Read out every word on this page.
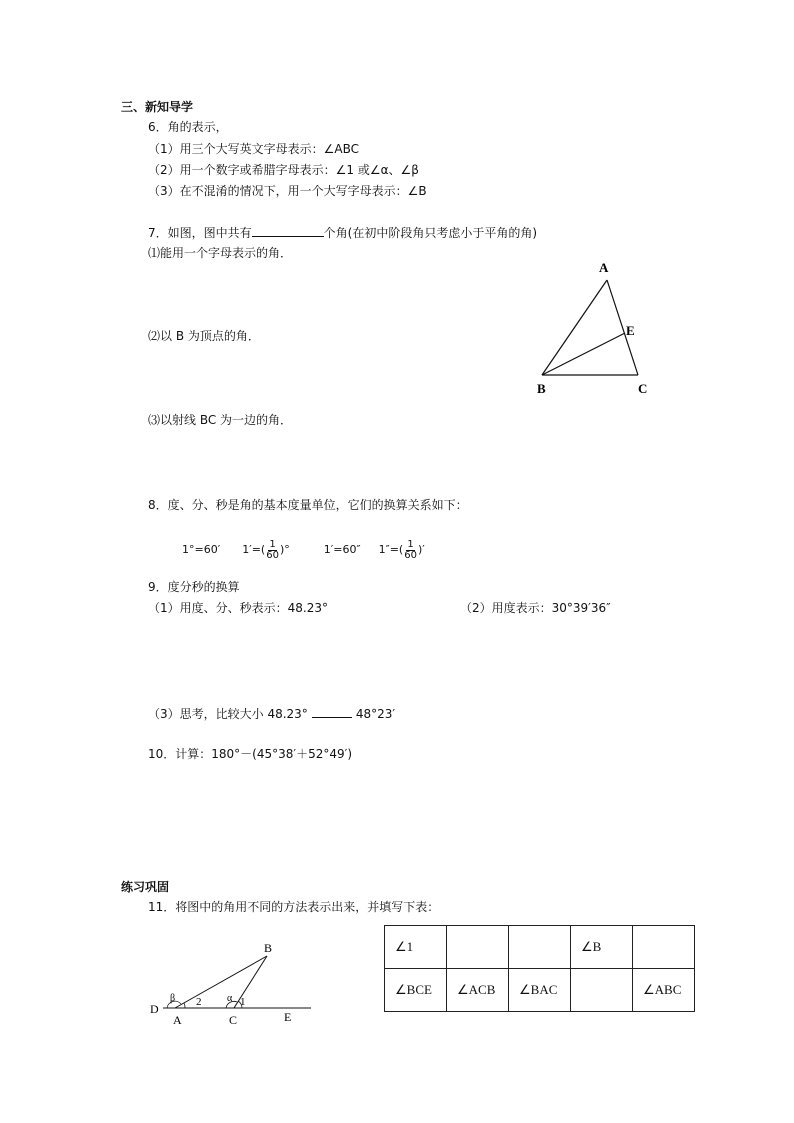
三、新知导学
6．角的表示，
（1）用三个大写英文字母表示：∠ABC
（2）用一个数字或希腊字母表示：∠1 或∠α、∠β
（3）在不混淆的情况下，用一个大写字母表示：∠B
7．如图，图中共有	个角(在初中阶段角只考虑小于平角的角)
⑴能用一个字母表示的角．
⑵以 B 为顶点的角．
⑶以射线 BC 为一边的角．
A
B	C
E
8．度、分、秒是角的基本度量单位，它们的换算关系如下：
1°=60′ $1'=( \frac{1}{60}$ )°	1′=60″ $1''=( \frac{1}{60}$ )′
9．度分秒的换算
（1）用度、分、秒表示：48.23°	（2）用度表示：30°39′36″
（3）思考，比较大小 48.23°	48°23′
10．计算：180°－(45°38′＋52°49′)
练习巩固
11．将图中的角用不同的方法表示出来，并填写下表：
B
D
A	C	E
β 2	α 1
∠1			∠B	
∠BCE	∠ACB	∠BAC		∠ABC
